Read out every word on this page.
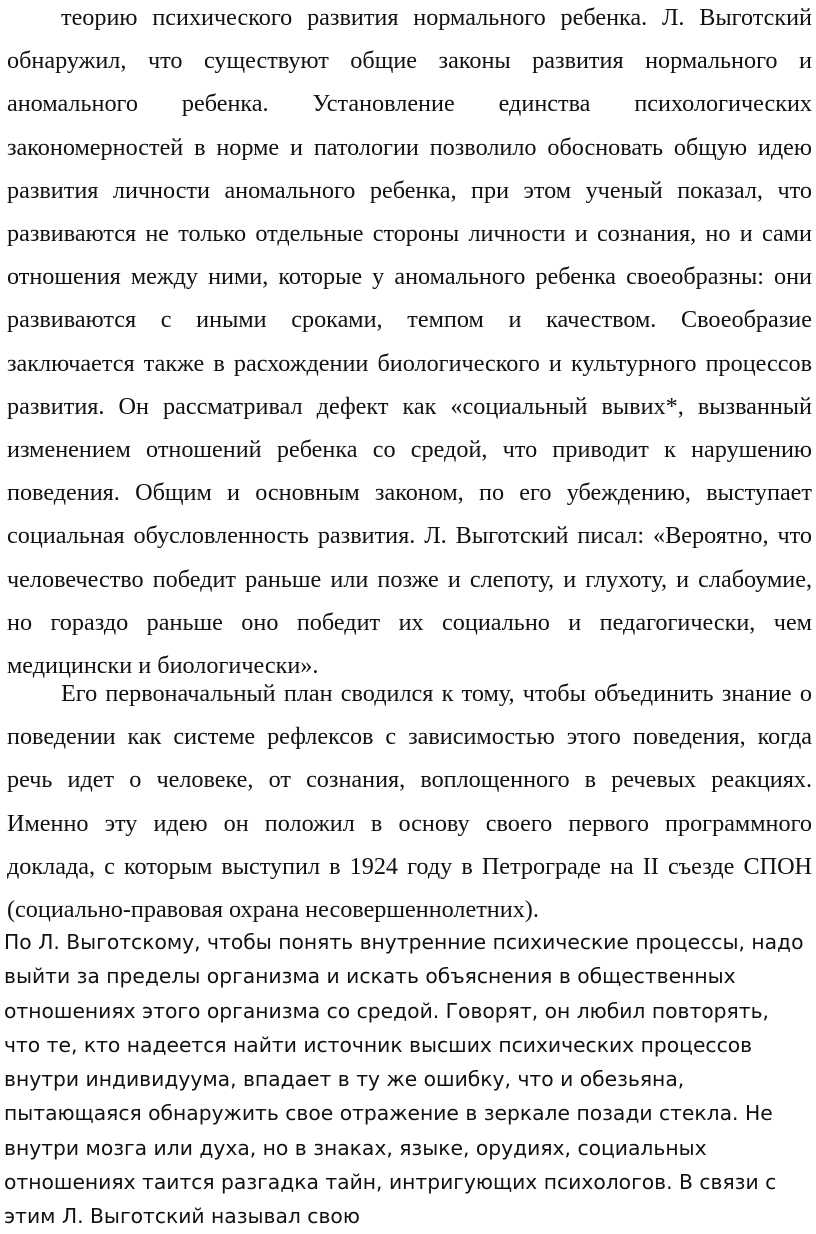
теорию психического развития нормального ребенка. Л. Выготский обнаружил, что существуют общие законы развития нормального и аномального ребенка. Установление единства психологических закономерностей в норме и патологии позволило обосновать общую идею развития личности аномального ребенка, при этом ученый показал, что развиваются не только отдельные стороны личности и сознания, но и сами отношения между ними, которые у аномального ребенка своеобразны: они развиваются с иными сроками, темпом и качеством. Своеобразие заключается также в расхождении биологического и культурного процессов развития. Он рассматривал дефект как «социальный вывих*, вызванный изменением отношений ребенка со средой, что приводит к нарушению поведения. Общим и основным законом, по его убеждению, выступает социальная обусловленность развития. Л. Выготский писал: «Вероятно, что человечество победит раньше или позже и слепоту, и глухоту, и слабоумие, но гораздо раньше оно победит их социально и педагогически, чем медицински и биологически».

Его первоначальный план сводился к тому, чтобы объединить знание о поведении как системе рефлексов с зависимостью этого поведения, когда речь идет о человеке, от сознания, воплощенного в речевых реакциях. Именно эту идею он положил в основу своего первого программного доклада, с которым выступил в 1924 году в Петрограде на II съезде СПОН (социально-правовая охрана несовершеннолетних).

По Л. Выготскому, чтобы понять внутренние психические процессы, надо выйти за пределы организма и искать объяснения в общественных отношениях этого организма со средой. Говорят, он любил повторять, что те, кто надеется найти источник высших психических процессов внутри индивидуума, впадает в ту же ошибку, что и обезьяна, пытающаяся обнаружить свое отражение в зеркале позади стекла. Не внутри мозга или духа, но в знаках, языке, орудиях, социальных отношениях таится разгадка тайн, интригующих психологов. В связи с этим Л. Выготский называл свою
